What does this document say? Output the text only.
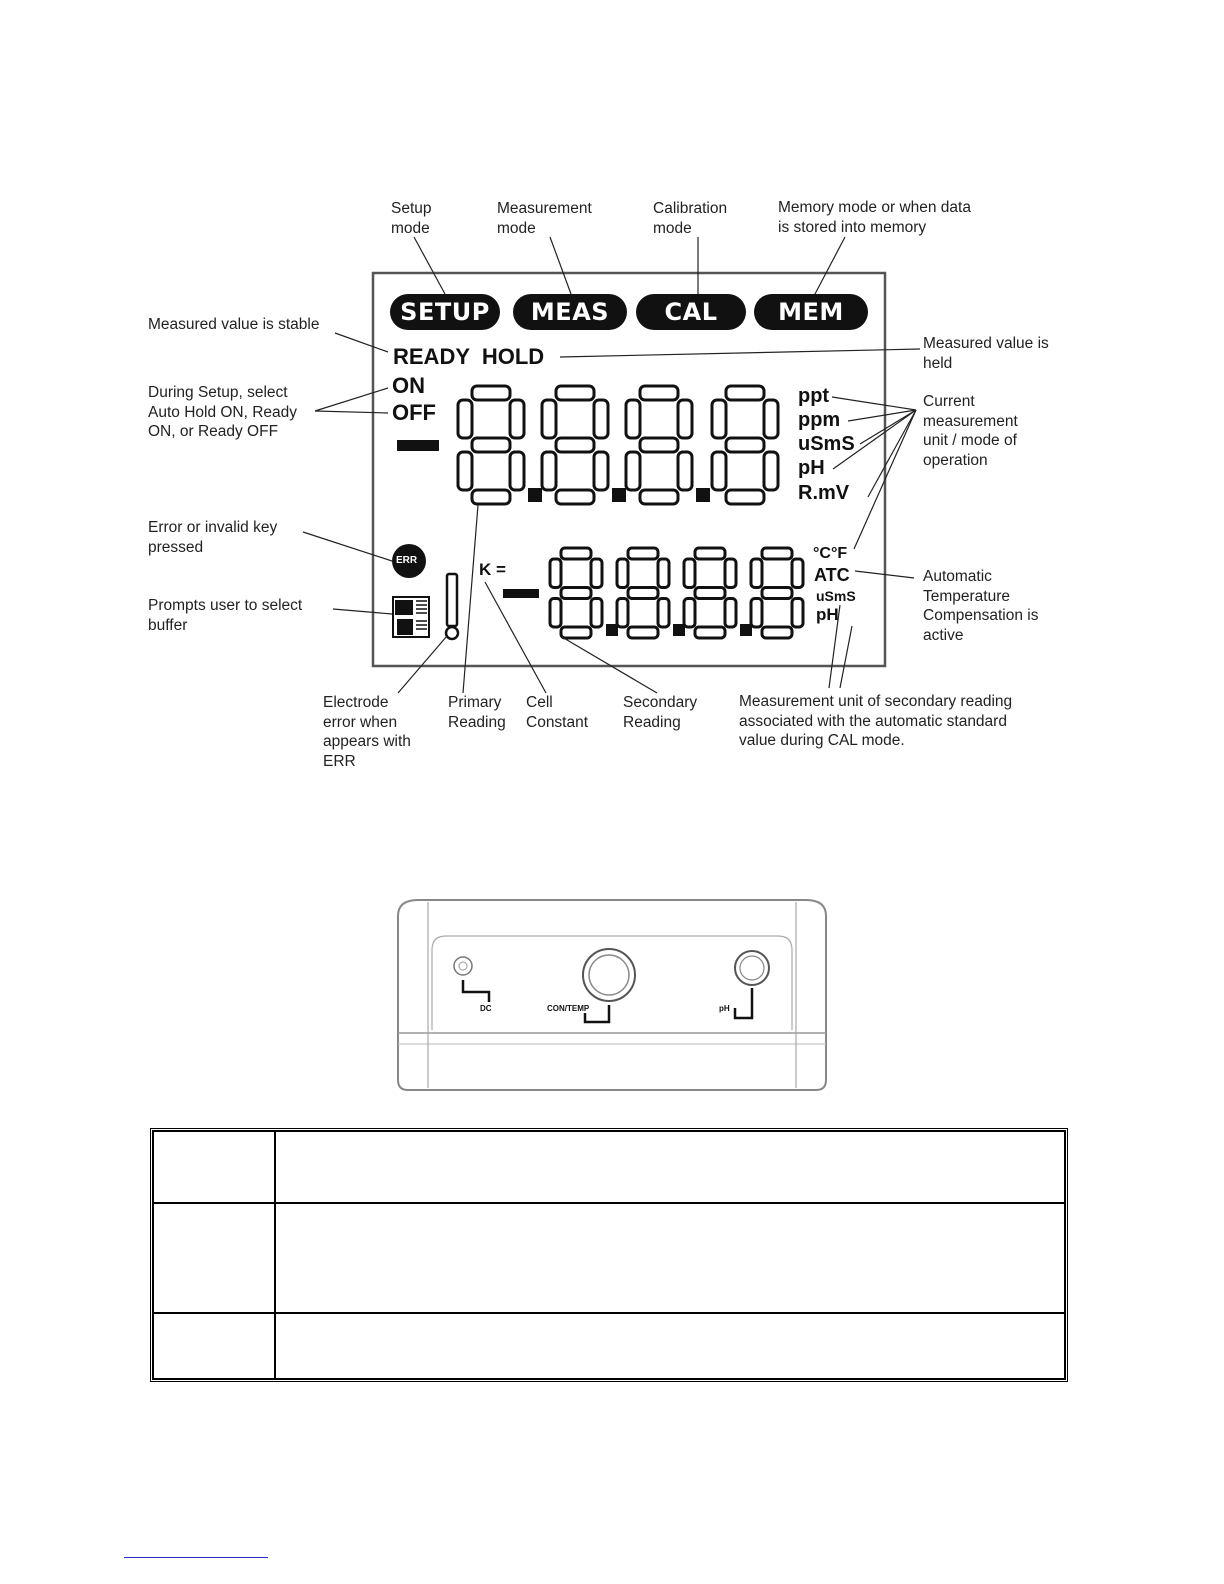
SETUP	MEAS	CAL	MEM
READY  HOLD
ON
OFF
ppt
ppm
uSmS
pH
R.mV
°C°F
ATC
uSmS
pH
K =
ERR
Setup
mode
Measurement
mode
Calibration
mode
Memory mode or when data
is stored into memory
Measured value is stable
Measured value is
held
During Setup, select
Auto Hold ON, Ready
ON, or Ready OFF
Current
measurement
unit / mode of
operation
Error or invalid key
pressed
Prompts user to select
buffer
Automatic
Temperature
Compensation is
active
Electrode
error when
appears with
ERR
Primary
Reading
Cell
Constant
Secondary
Reading
Measurement unit of secondary reading
associated with the automatic standard
value during CAL mode.
DC	CON/TEMP	pH
